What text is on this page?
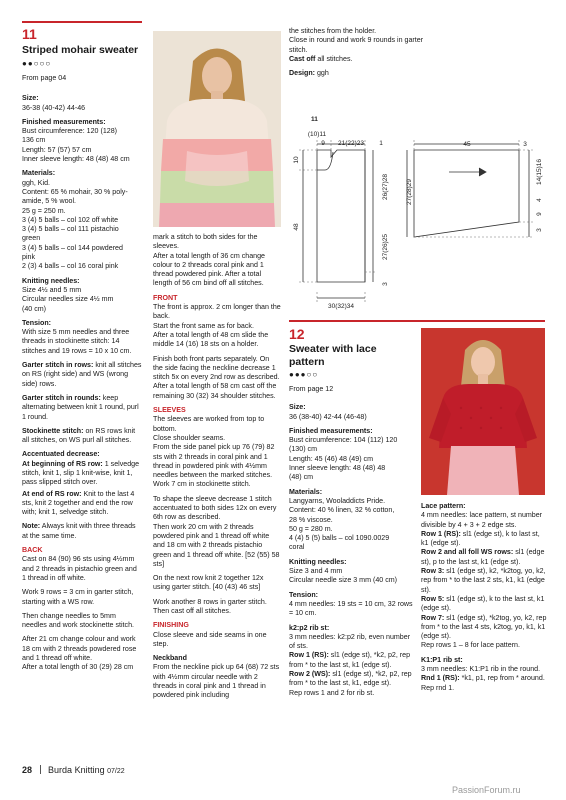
11
Striped mohair sweater
●●○○○

From page 04

Size:

36-38 (40-42) 44-46

Finished measurements:

Bust circumference: 120 (128)
136 cm
Length: 57 (57) 57 cm
Inner sleeve length: 48 (48) 48 cm

Materials:

ggh, Kid.
Content: 65 % mohair, 30 % poly-
amide, 5 % wool.
25 g = 250 m.
3 (4) 5 balls – col 102 off white
3 (4) 5 balls – col 111 pistachio
green
3 (4) 5 balls – col 144 powdered
pink
2 (3) 4 balls – col 16 coral pink

Knitting needles:

Size 4½ and 5 mm
Circular needles size 4½ mm
(40 cm)

Tension:

With size 5 mm needles and three threads in stockinette stitch: 14 stitches and 19 rows = 10 x 10 cm.

Garter stitch in rows: knit all stitches on RS (right side) and WS (wrong side) rows.

Garter stitch in rounds: keep alternating between knit 1 round, purl 1 round.

Stockinette stitch: on RS rows knit all stitches, on WS purl all stitches.

Accentuated decrease:

At beginning of RS row: 1 selvedge stitch, knit 1, slip 1 knit-wise, knit 1, pass slipped stitch over.

At end of RS row: Knit to the last 4 sts, knit 2 together and end the row with; knit 1, selvedge stitch.

Note: Always knit with three threads at the same time.

BACK

Cast on 84 (90) 96 sts using 4½mm and 2 threads in pistachio green and 1 thread in off white.

Work 9 rows = 3 cm in garter stitch, starting with a WS row.

Then change needles to 5mm needles and work stockinette stitch.

After 21 cm change colour and work 18 cm with 2 threads powdered rose and 1 thread off white.
After a total length of 30 (29) 28 cm

mark a stitch to both sides for the sleeves.
After a total length of 36 cm change colour to 2 threads coral pink and 1 thread powdered pink. After a total length of 56 cm bind off all stitches.

FRONT

The front is approx. 2 cm longer than the back.
Start the front same as for back.
After a total length of 48 cm slide the middle 14 (16) 18 sts on a holder.

Finish both front parts separately. On the side facing the neckline decrease 1 stitch 5x on every 2nd row as described.
After a total length of 58 cm cast off the remaining 30 (32) 34 shoulder stitches.

SLEEVES

The sleeves are worked from top to bottom.
Close shoulder seams.
From the side panel pick up 76 (79) 82 sts with 2 threads in coral pink and 1 thread in powdered pink with 4½mm needles between the marked stitches.
Work 7 cm in stockinette stitch.

To shape the sleeve decrease 1 stitch accentuated to both sides 12x on every 6th row as described.
Then work 20 cm with 2 threads powdered pink and 1 thread off white and 18 cm with 2 threads pistachio green and 1 thread off white. [52 (55) 58 sts]

On the next row knit 2 together 12x using garter stitch. [40 (43) 46 sts]

Work another 8 rows in garter stitch. Then cast off all stitches.

FINISHING

Close sleeve and side seams in one step.

Neckband

From the neckline pick up 64 (68) 72 sts with 4½mm circular needle with 2 threads in coral pink and 1 thread in powdered pink including

the stitches from the holder.
Close in round and work 9 rounds in garter stitch.
Cast off all stitches.

Design: ggh

11
(10)11
9 21(22)23 1
10
48
26(27)28
27(26)25
3
27(28)29
30(32)34
45	3
14(15)16
4
9
3
12
Sweater with lace pattern
●●●○○

From page 12

Size:

36 (38-40) 42-44 (46-48)

Finished measurements:

Bust circumference: 104 (112) 120
(130) cm
Length: 45 (46) 48 (49) cm
Inner sleeve length: 48 (48) 48
(48) cm

Materials:

Langyarns, Wooladdicts Pride.
Content: 40 % linen, 32 % cotton,
28 % viscose.
50 g = 280 m.
4 (4) 5 (5) balls – col 1090.0029
coral

Knitting needles:

Size 3 and 4 mm
Circular needle size 3 mm (40 cm)

Tension:

4 mm needles: 19 sts = 10 cm, 32 rows = 10 cm.

k2:p2 rib st:
3 mm needles: k2:p2 rib, even number of sts.
Row 1 (RS): sl1 (edge st), *k2, p2, rep from * to the last st, k1 (edge st).
Row 2 (WS): sl1 (edge st), *k2, p2, rep from * to the last st, k1, edge st).
Rep rows 1 and 2 for rib st.
Lace pattern:
4 mm needles: lace pattern, st number divisible by 4 + 3 + 2 edge sts.
Row 1 (RS): sl1 (edge st), k to last st, k1 (edge st).
Row 2 and all foll WS rows: sl1 (edge st), p to the last st, k1 (edge st).
Row 3: sl1 (edge st), k2, *k2tog, yo, k2, rep from * to the last 2 sts, k1, k1 (edge st).
Row 5: sl1 (edge st), k to the last st, k1 (edge st).
Row 7: sl1 (edge st), *k2tog, yo, k2, rep from * to the last 4 sts, k2tog, yo, k1, k1 (edge st).

Rep rows 1 – 8 for lace pattern.

K1:P1 rib st:
3 mm needles: K1:P1 rib in the round.
Rnd 1 (RS): *k1, p1, rep from * around.
Rep rnd 1.
28 Burda Knitting 07/22
PassionForum.ru
